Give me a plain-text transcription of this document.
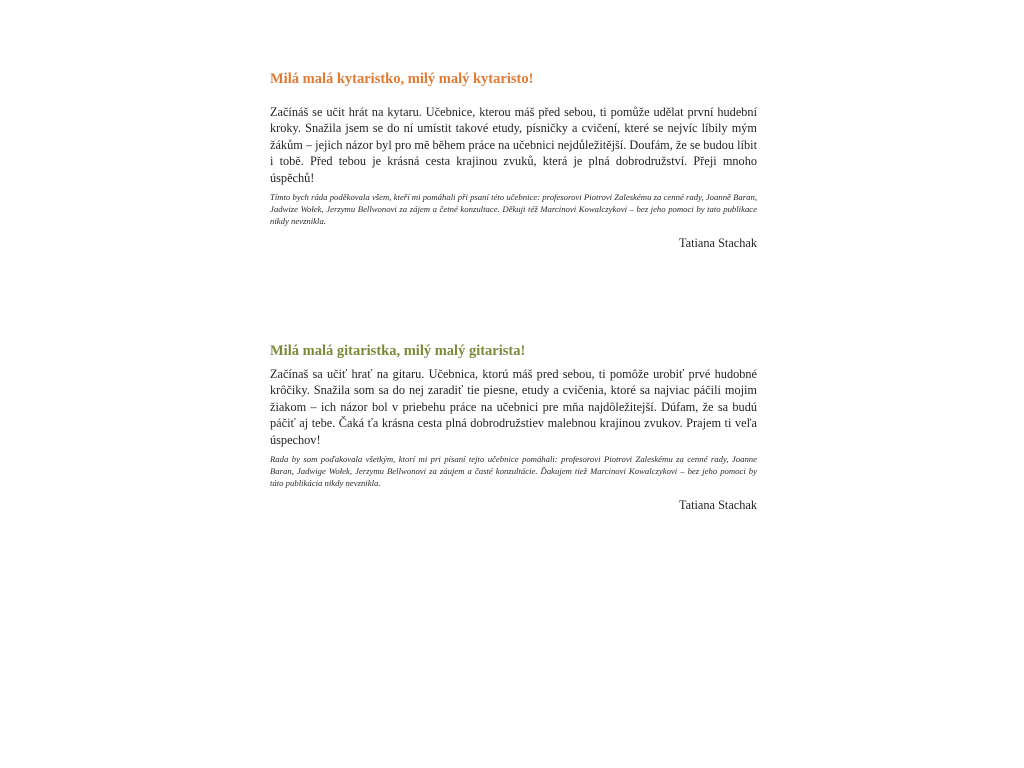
Milá malá kytaristko, milý malý kytaristo!

Začínáš se učit hrát na kytaru. Učebnice, kterou máš před sebou, ti pomůže udělat první hudební kroky. Snažila jsem se do ní umístit takové etudy, písničky a cvičení, které se nejvíc líbily mým žákům – jejich názor byl pro mě během práce na učebnici nejdůležitější. Doufám, že se budou líbit i tobě. Před tebou je krásná cesta krajinou zvuků, která je plná dobrodružství. Přeji mnoho úspěchů!

Tímto bych ráda poděkovala všem, kteří mi pomáhali při psaní této učebnice: profesorovi Piotrovi Zaleskému za cenné rady, Joanně Baran, Jadwize Wołek, Jerzymu Bellwonovi za zájem a četné konzultace. Děkuji též Marcinovi Kowalczykovi – bez jeho pomoci by tato publikace nikdy nevznikla.

Tatiana Stachak

Milá malá gitaristka, milý malý gitarista!

Začínaš sa učiť hrať na gitaru. Učebnica, ktorú máš pred sebou, ti pomôže urobiť prvé hudobné krôčiky. Snažila som sa do nej zaradiť tie piesne, etudy a cvičenia, ktoré sa najviac páčili mojim žiakom – ich názor bol v priebehu práce na učebnici pre mňa najdôležitejší. Dúfam, že sa budú páčiť aj tebe. Čaká ťa krásna cesta plná dobrodružstiev malebnou krajinou zvukov. Prajem ti veľa úspechov!

Rada by som poďakovala všetkým, ktorí mi pri písaní tejto učebnice pomáhali: profesorovi Piotrovi Zaleskému za cenné rady, Joanne Baran, Jadwige Wołek, Jerzymu Bellwonovi za záujem a časté konzultácie. Ďakujem tiež Marcinovi Kowalczykovi – bez jeho pomoci by táto publikácia nikdy nevznikla.

Tatiana Stachak
